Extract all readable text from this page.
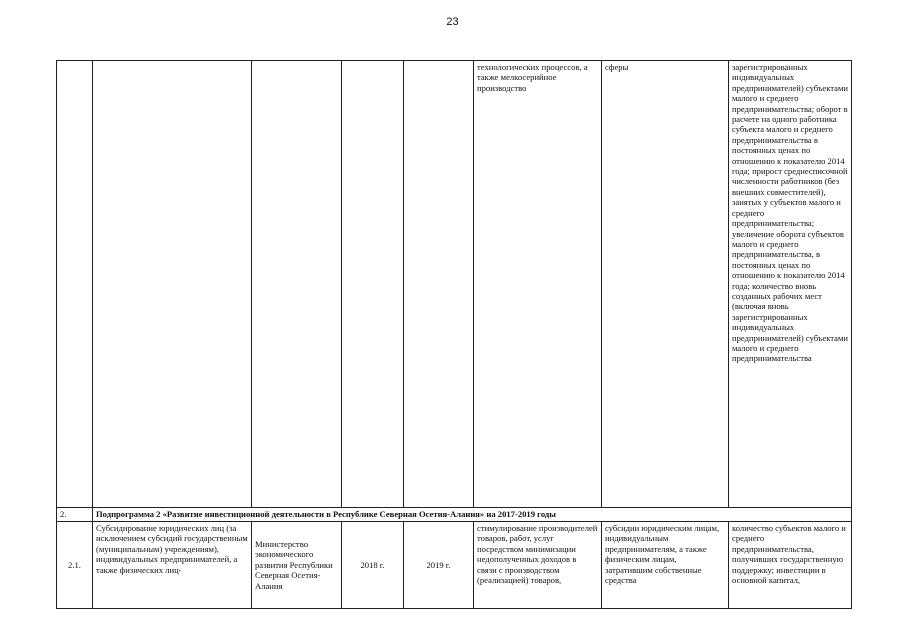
23
					технологических процессов, а также мелкосерийное производство	сферы	зарегистрированных индивидуальных предпринимателей) субъектами малого и среднего предпринимательства; оборот в расчете на одного работника субъекта малого и среднего предпринимательства в постоянных ценах по отношению к показателю 2014 года; прирост среднесписочной численности работников (без внешних совместителей), занятых у субъектов малого и среднего предпринимательства; увеличение оборота субъектов малого и среднего предпринимательства, в постоянных ценах по отношению к показателю 2014 года; количество вновь созданных рабочих мест (включая вновь зарегистрированных индивидуальных предпринимателей) субъектами малого и среднего предпринимательства
2.	Подпрограмма 2 «Развитие инвестиционной деятельности в Республике Северная Осетия-Алания» на 2017-2019 годы						
2.1.	Субсидирование юридических лиц (за исключением субсидий государственным (муниципальным) учреждениям), индивидуальных предпринимателей, а также физических лиц-	Министерство экономического развития Республики Северная Осетия-Алания	2018 г.	2019 г.	стимулирование производителей товаров, работ, услуг посредством минимизации недополученных доходов в связи с производством (реализацией) товаров,	субсидии юридическим лицам, индивидуальным предпринимателям, а также физическим лицам, затратившим собственные средства	количество субъектов малого и среднего предпринимательства, получивших государственную поддержку; инвестиции в основной капитал,
